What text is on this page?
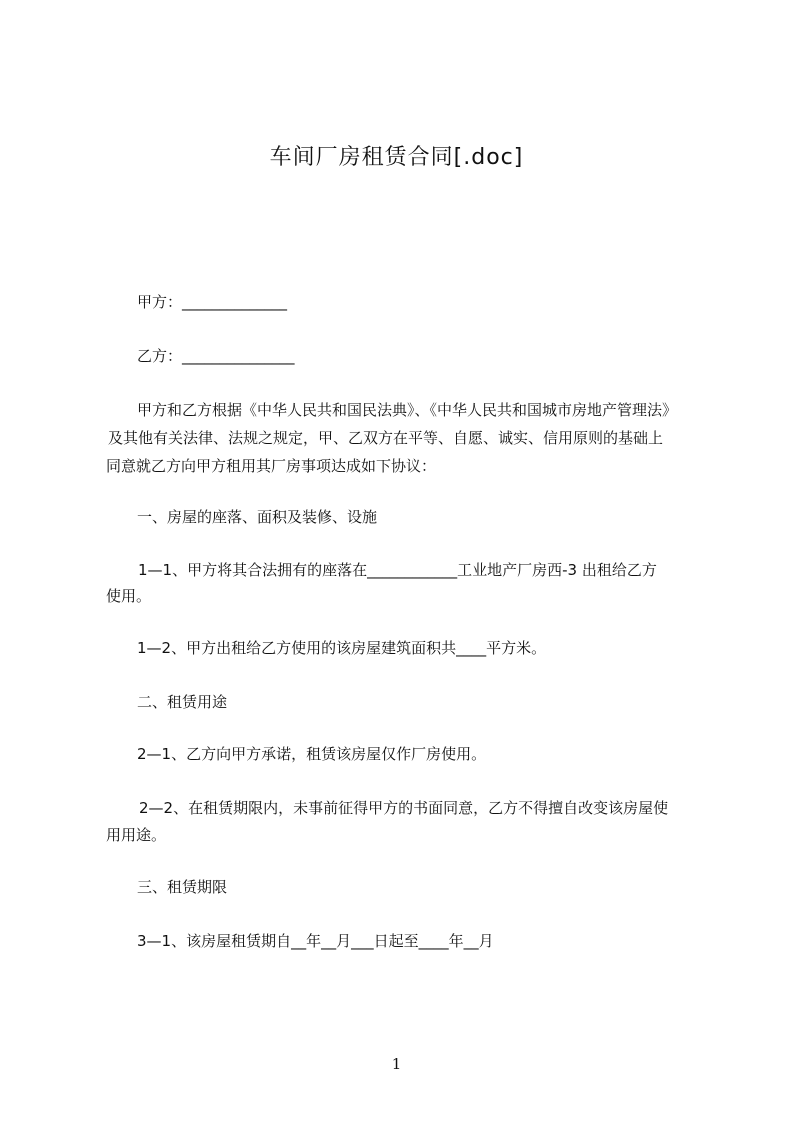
车间厂房租赁合同[.doc]
甲方：______________
乙方：_______________
甲方和乙方根据《中华人民共和国民法典》、《中华人民共和国城市房地产管理法》
及其他有关法律、法规之规定，甲、乙双方在平等、自愿、诚实、信用原则的基础上
同意就乙方向甲方租用其厂房事项达成如下协议：
一、房屋的座落、面积及装修、设施
1—1、甲方将其合法拥有的座落在____________工业地产厂房西-3 出租给乙方
使用。
1—2、甲方出租给乙方使用的该房屋建筑面积共____平方米。
二、租赁用途
2—1、乙方向甲方承诺，租赁该房屋仅作厂房使用。
2—2、在租赁期限内，未事前征得甲方的书面同意，乙方不得擅自改变该房屋使
用用途。
三、租赁期限
3—1、该房屋租赁期自__年__月___日起至____年__月
1
